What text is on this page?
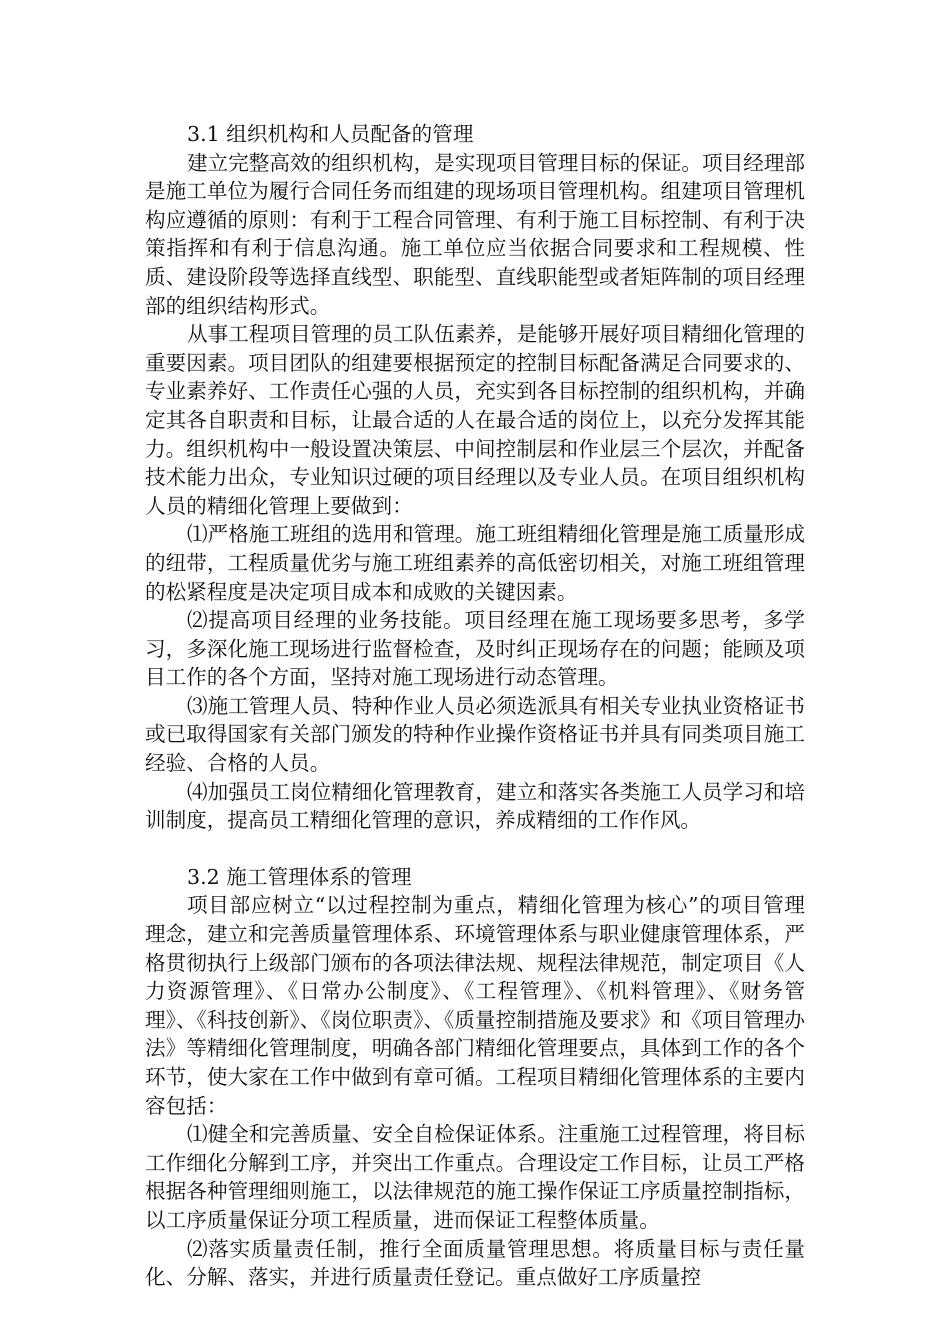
3.1 组织机构和人员配备的管理

建立完整高效的组织机构，是实现项目管理目标的保证。项目经理部是施工单位为履行合同任务而组建的现场项目管理机构。组建项目管理机构应遵循的原则：有利于工程合同管理、有利于施工目标控制、有利于决策指挥和有利于信息沟通。施工单位应当依据合同要求和工程规模、性质、建设阶段等选择直线型、职能型、直线职能型或者矩阵制的项目经理部的组织结构形式。

从事工程项目管理的员工队伍素养，是能够开展好项目精细化管理的重要因素。项目团队的组建要根据预定的控制目标配备满足合同要求的、专业素养好、工作责任心强的人员，充实到各目标控制的组织机构，并确定其各自职责和目标，让最合适的人在最合适的岗位上，以充分发挥其能力。组织机构中一般设置决策层、中间控制层和作业层三个层次，并配备技术能力出众，专业知识过硬的项目经理以及专业人员。在项目组织机构人员的精细化管理上要做到：

⑴严格施工班组的选用和管理。施工班组精细化管理是施工质量形成的纽带，工程质量优劣与施工班组素养的高低密切相关，对施工班组管理的松紧程度是决定项目成本和成败的关键因素。

⑵提高项目经理的业务技能。项目经理在施工现场要多思考，多学习，多深化施工现场进行监督检查，及时纠正现场存在的问题；能顾及项目工作的各个方面，坚持对施工现场进行动态管理。

⑶施工管理人员、特种作业人员必须选派具有相关专业执业资格证书或已取得国家有关部门颁发的特种作业操作资格证书并具有同类项目施工经验、合格的人员。

⑷加强员工岗位精细化管理教育，建立和落实各类施工人员学习和培训制度，提高员工精细化管理的意识，养成精细的工作作风。

3.2 施工管理体系的管理

项目部应树立“以过程控制为重点，精细化管理为核心”的项目管理理念，建立和完善质量管理体系、环境管理体系与职业健康管理体系，严格贯彻执行上级部门颁布的各项法律法规、规程法律规范，制定项目《人力资源管理》、《日常办公制度》、《工程管理》、《机料管理》、《财务管理》、《科技创新》、《岗位职责》、《质量控制措施及要求》和《项目管理办法》等精细化管理制度，明确各部门精细化管理要点，具体到工作的各个环节，使大家在工作中做到有章可循。工程项目精细化管理体系的主要内容包括：

⑴健全和完善质量、安全自检保证体系。注重施工过程管理，将目标工作细化分解到工序，并突出工作重点。合理设定工作目标，让员工严格根据各种管理细则施工，以法律规范的施工操作保证工序质量控制指标，以工序质量保证分项工程质量，进而保证工程整体质量。

⑵落实质量责任制，推行全面质量管理思想。将质量目标与责任量化、分解、落实，并进行质量责任登记。重点做好工序质量控
